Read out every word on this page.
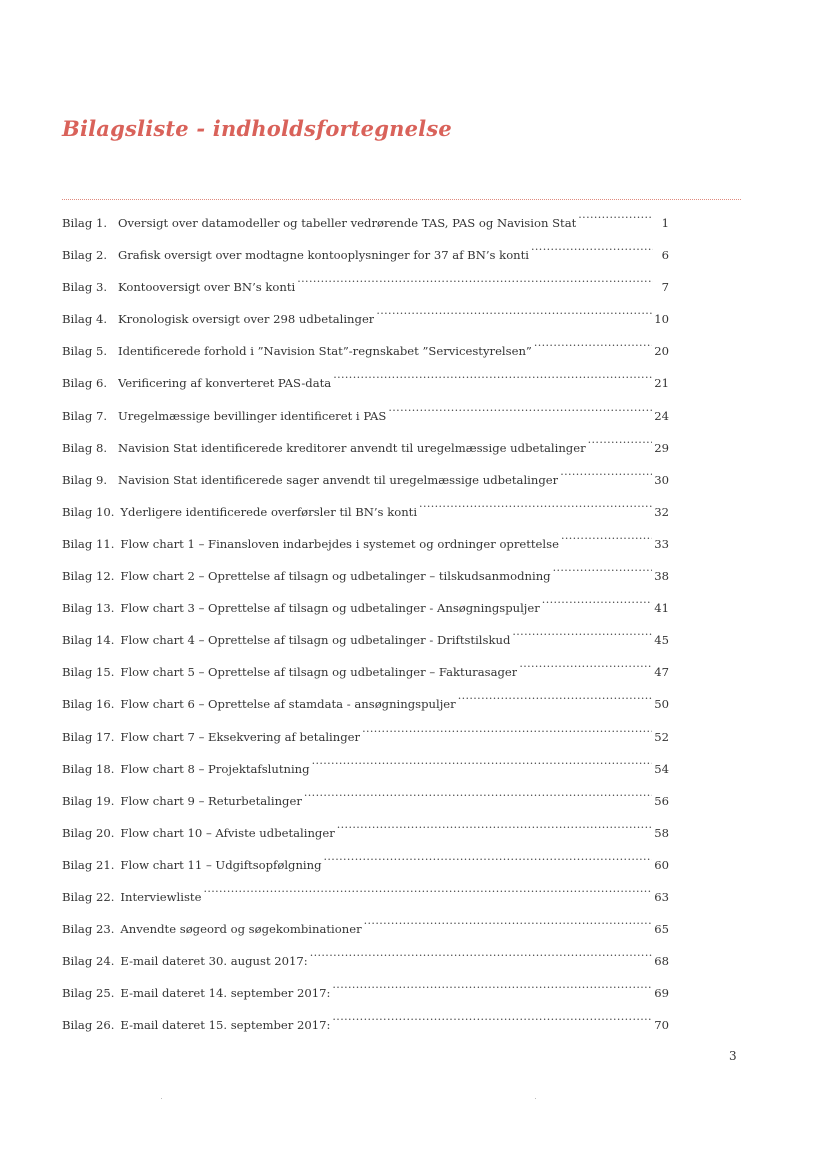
Bilagsliste - indholdsfortegnelse
Bilag 1. Oversigt over datamodeller og tabeller vedrørende TAS, PAS og Navision Stat .....	1
Bilag 2. Grafisk oversigt over modtagne kontooplysninger for 37 af BN’s konti .....	6
Bilag 3. Kontooversigt over BN’s konti .....	7
Bilag 4. Kronologisk oversigt over 298 udbetalinger .....	10
Bilag 5. Identificerede forhold i ”Navision Stat”-regnskabet ”Servicestyrelsen” .....	20
Bilag 6. Verificering af konverteret PAS-data .....	21
Bilag 7. Uregelmæssige bevillinger identificeret i PAS .....	24
Bilag 8. Navision Stat identificerede kreditorer anvendt til uregelmæssige udbetalinger .....	29
Bilag 9. Navision Stat identificerede sager anvendt til uregelmæssige udbetalinger .....	30
Bilag 10. Yderligere identificerede overførsler til BN’s konti .....	32
Bilag 11. Flow chart 1 – Finansloven indarbejdes i systemet og ordninger oprettelse .....	33
Bilag 12. Flow chart 2 – Oprettelse af tilsagn og udbetalinger – tilskudsanmodning .....	38
Bilag 13. Flow chart 3 – Oprettelse af tilsagn og udbetalinger - Ansøgningspuljer .....	41
Bilag 14. Flow chart 4 – Oprettelse af tilsagn og udbetalinger - Driftstilskud .....	45
Bilag 15. Flow chart 5 – Oprettelse af tilsagn og udbetalinger – Fakturasager .....	47
Bilag 16. Flow chart 6 – Oprettelse af stamdata - ansøgningspuljer .....	50
Bilag 17. Flow chart 7 – Eksekvering af betalinger .....	52
Bilag 18. Flow chart 8 – Projektafslutning .....	54
Bilag 19. Flow chart 9 – Returbetalinger .....	56
Bilag 20. Flow chart 10 – Afviste udbetalinger .....	58
Bilag 21. Flow chart 11 – Udgiftsopfølgning .....	60
Bilag 22. Interviewliste .....	63
Bilag 23. Anvendte søgeord og søgekombinationer .....	65
Bilag 24. E-mail dateret 30. august 2017: .....	68
Bilag 25. E-mail dateret 14. september 2017: .....	69
Bilag 26. E-mail dateret 15. september 2017: .....	70
3
